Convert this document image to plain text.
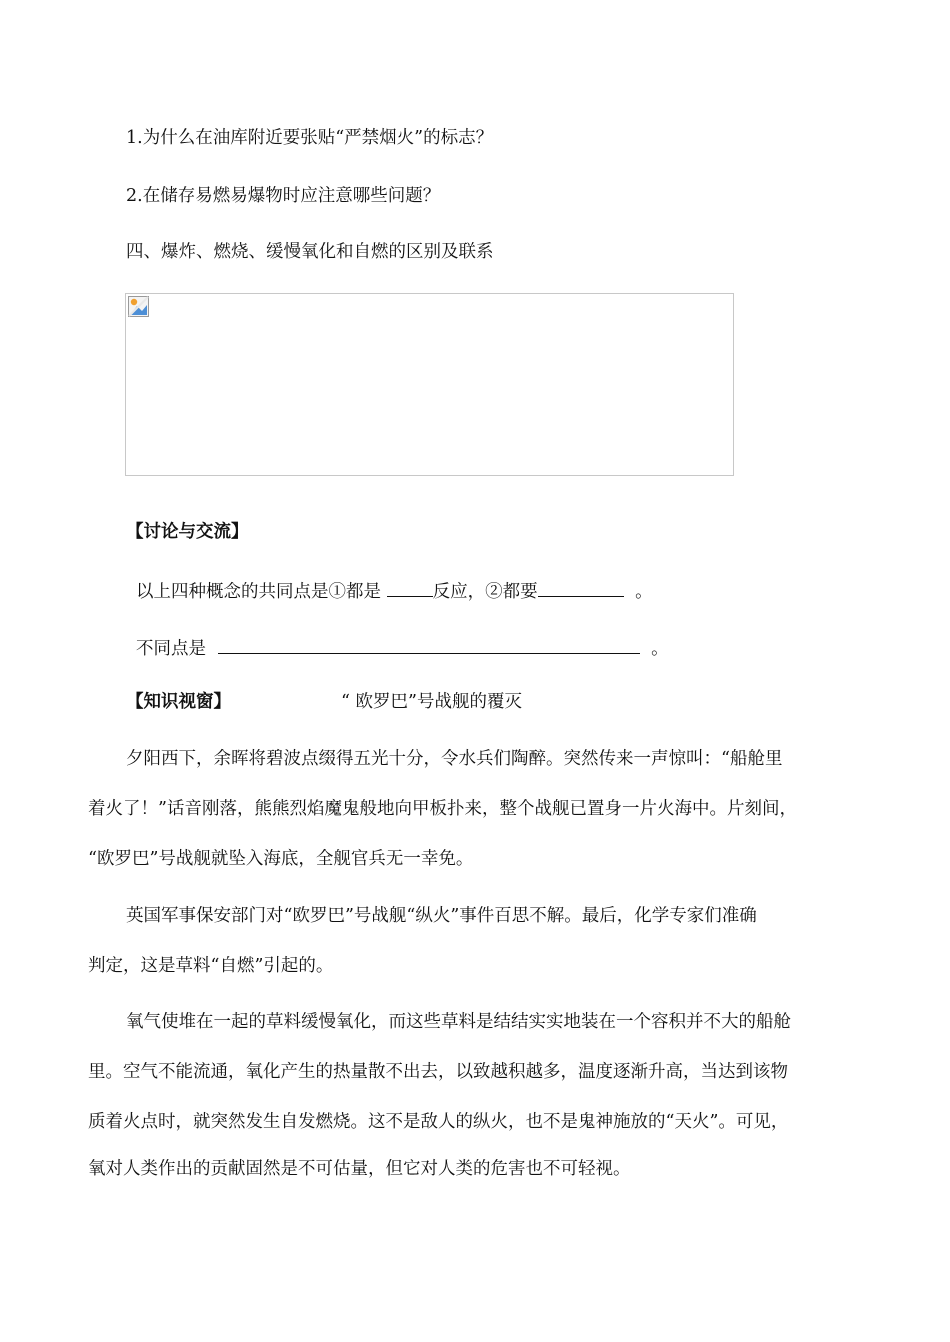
1.为什么在油库附近要张贴“严禁烟火”的标志？
2.在储存易燃易爆物时应注意哪些问题？
四、爆炸、燃烧、缓慢氧化和自燃的区别及联系
【讨论与交流】
以上四种概念的共同点是①都是	反应，②都要	。
不同点是	。
【知识视窗】	“ 欧罗巴”号战舰的覆灭
夕阳西下，余晖将碧波点缀得五光十分，令水兵们陶醉。突然传来一声惊叫：“船舱里
着火了！”话音刚落，熊熊烈焰魔鬼般地向甲板扑来，整个战舰已置身一片火海中。片刻间，
“欧罗巴”号战舰就坠入海底，全舰官兵无一幸免。
英国军事保安部门对“欧罗巴”号战舰“纵火”事件百思不解。最后，化学专家们准确
判定，这是草料“自燃”引起的。
氧气使堆在一起的草料缓慢氧化，而这些草料是结结实实地装在一个容积并不大的船舱
里。空气不能流通，氧化产生的热量散不出去，以致越积越多，温度逐渐升高，当达到该物
质着火点时，就突然发生自发燃烧。这不是敌人的纵火，也不是鬼神施放的“天火”。可见，
氧对人类作出的贡献固然是不可估量，但它对人类的危害也不可轻视。
